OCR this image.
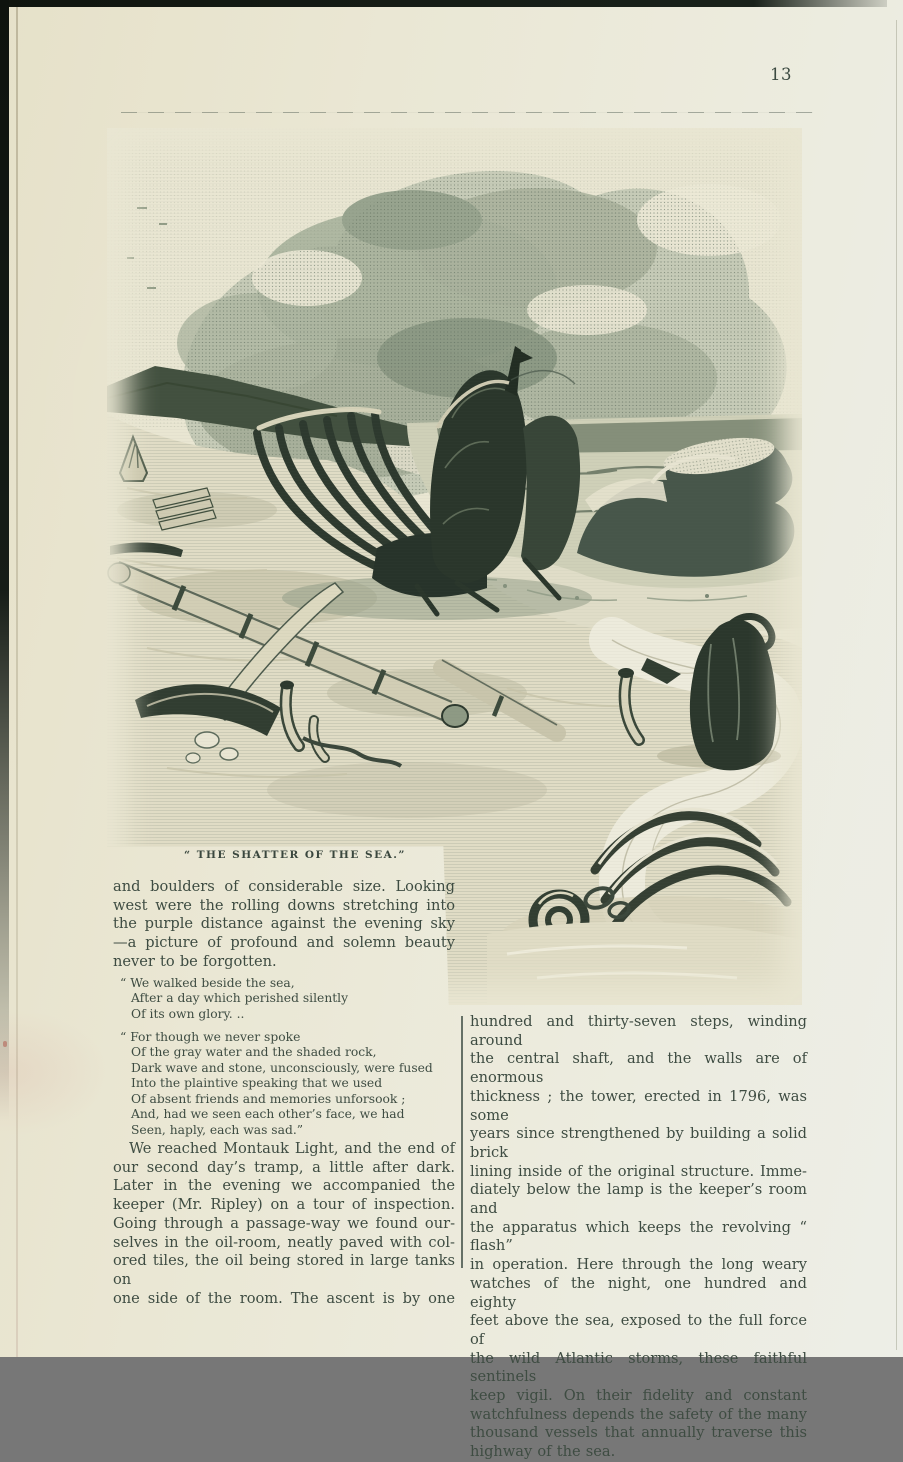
13
“ THE SHATTER OF THE SEA.”
and boulders of considerable size. Looking
west were the rolling downs stretching into
the purple distance against the evening sky
—a picture of profound and solemn beauty
never to be forgotten.
“ We walked beside the sea,
After a day which perished silently
Of its own glory. ..
“ For though we never spoke
Of the gray water and the shaded rock,
Dark wave and stone, unconsciously, were fused
Into the plaintive speaking that we used
Of absent friends and memories unforsook ;
And, had we seen each other’s face, we had
Seen, haply, each was sad.”
We reached Montauk Light, and the end of
our second day’s tramp, a little after dark.
Later in the evening we accompanied the
keeper (Mr. Ripley) on a tour of inspection.
Going through a passage-way we found our-
selves in the oil-room, neatly paved with col-
ored tiles, the oil being stored in large tanks on
one side of the room. The ascent is by one
hundred and thirty-seven steps, winding around
the central shaft, and the walls are of enormous
thickness ; the tower, erected in 1796, was some
years since strengthened by building a solid brick
lining inside of the original structure. Imme-
diately below the lamp is the keeper’s room and
the apparatus which keeps the revolving “ flash”
in operation. Here through the long weary
watches of the night, one hundred and eighty
feet above the sea, exposed to the full force of
the wild Atlantic storms, these faithful sentinels
keep vigil. On their fidelity and constant
watchfulness depends the safety of the many
thousand vessels that annually traverse this
highway of the sea.
